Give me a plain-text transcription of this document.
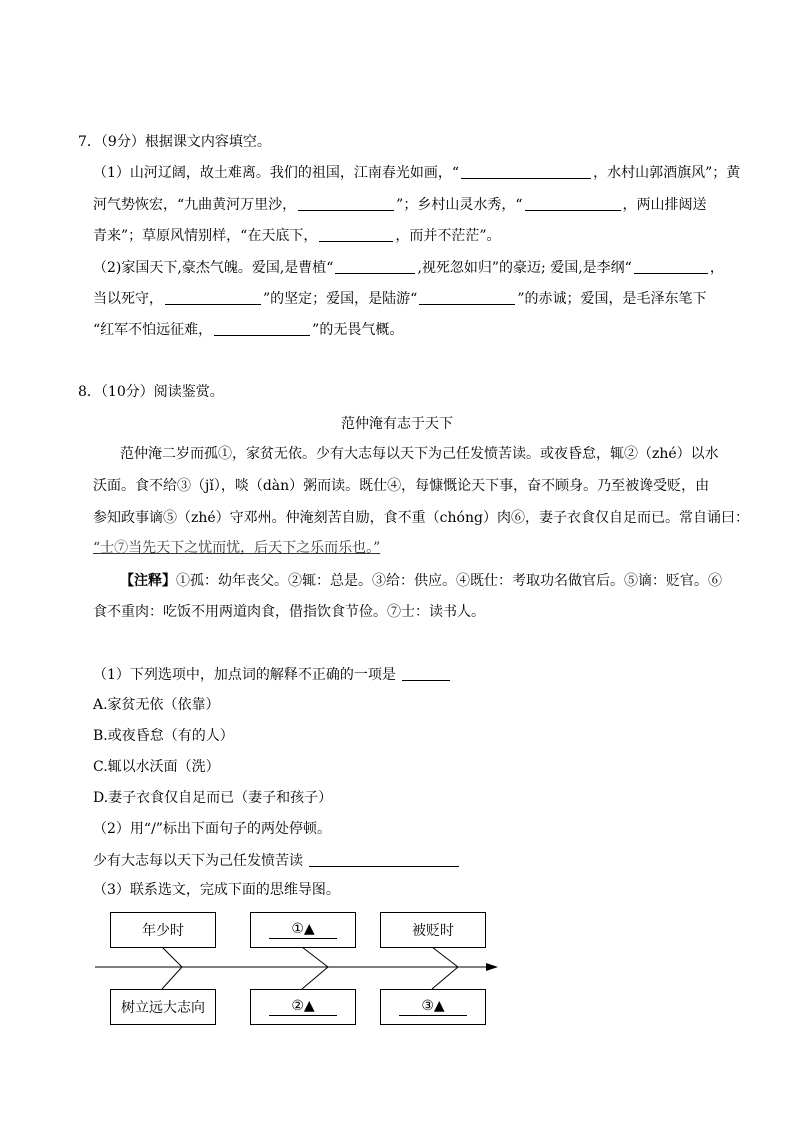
7．（9分）根据课文内容填空。
（1）山河辽阔，故土难离。我们的祖国，江南春光如画，“	，水村山郭酒旗风”；黄
河气势恢宏，“九曲黄河万里沙，	”；乡村山灵水秀，“	，两山排闼送
青来”；草原风情别样，“在天底下，	，而并不茫茫”。
（2)家国天下,豪杰气魄。爱国,是曹植“	,视死忽如归”的豪迈; 爱国,是李纲“	，
当以死守，	”的坚定；爱国，是陆游“	”的赤诚；爱国，是毛泽东笔下
“红军不怕远征难，	”的无畏气概。
8．（10分）阅读鉴赏。
范仲淹有志于天下
范仲淹二岁而孤①，家贫无依。少有大志每以天下为己任发愤苦读。或夜昏怠，辄②（zhé）以水
沃面。食不给③（jǐ），啖（dàn）粥而读。既仕④，每慷慨论天下事，奋不顾身。乃至被谗受贬，由
参知政事谪⑤（zhé）守邓州。仲淹刻苦自励，食不重（chóng）肉⑥，妻子衣食仅自足而已。常自诵曰：
“士⑦当先天下之忧而忧，后天下之乐而乐也。”
【注释】①孤：幼年丧父。②辄：总是。③给：供应。④既仕：考取功名做官后。⑤谪：贬官。⑥
食不重肉：吃饭不用两道肉食，借指饮食节俭。⑦士：读书人。
（1）下列选项中，加点词的解释不正确的一项是
A.家贫无依（依靠）
B.或夜昏怠（有的人）
C.辄以水沃面（洗）
D.妻子衣食仅自足而已（妻子和孩子）
（2）用“/”标出下面句子的两处停顿。
少有大志每以天下为己任发愤苦读
（3）联系选文，完成下面的思维导图。
年少时	①▲	被贬时
树立远大志向	②▲	③▲
